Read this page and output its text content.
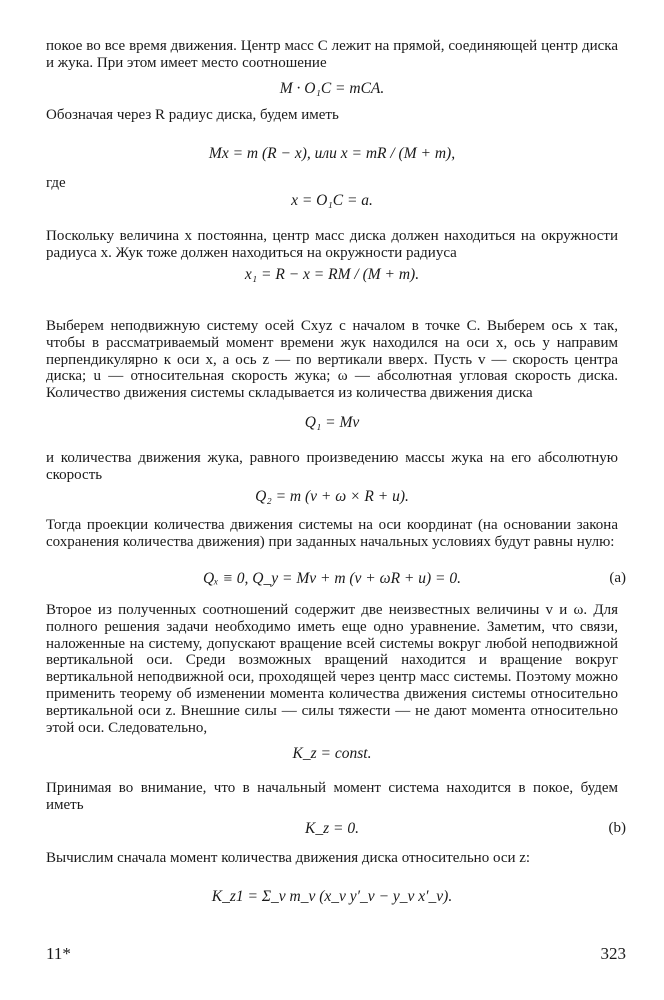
покое во все время движения. Центр масс C лежит на прямой, соединяющей центр диска и жука. При этом имеет место соотношение

M · O₁C = mCA.

Обозначая через R радиус диска, будем иметь

Mx = m (R − x), или x = mR / (M + m),

где

x = O₁C = a.

Поскольку величина x постоянна, центр масс диска должен находиться на окружности радиуса x. Жук тоже должен находиться на окружности радиуса

x₁ = R − x = RM / (M + m).

Выберем неподвижную систему осей Cxyz с началом в точке C. Выберем ось x так, чтобы в рассматриваемый момент времени жук находился на оси x, ось y направим перпендикулярно к оси x, а ось z — по вертикали вверх. Пусть v — скорость центра диска; u — относительная скорость жука; ω — абсолютная угловая скорость диска. Количество движения системы складывается из количества движения диска

Q₁ = Mv

и количества движения жука, равного произведению массы жука на его абсолютную скорость

Q₂ = m (v + ω × R + u).

Тогда проекции количества движения системы на оси координат (на основании закона сохранения количества движения) при заданных начальных условиях будут равны нулю:

Qₓ ≡ 0, Q_y = Mv + m (v + ωR + u) = 0.	(a)

Второе из полученных соотношений содержит две неизвестных величины v и ω. Для полного решения задачи необходимо иметь еще одно уравнение. Заметим, что связи, наложенные на систему, допускают вращение всей системы вокруг любой неподвижной вертикальной оси. Среди возможных вращений находится и вращение вокруг вертикальной неподвижной оси, проходящей через центр масс системы. Поэтому можно применить теорему об изменении момента количества движения системы относительно вертикальной оси z. Внешние силы — силы тяжести — не дают момента относительно этой оси. Следовательно,

K_z = const.

Принимая во внимание, что в начальный момент система находится в покое, будем иметь

K_z = 0.	(b)

Вычислим сначала момент количества движения диска относительно оси z:

K_z1 = Σ_ν m_ν (x_ν y′_ν − y_ν x′_ν).

11*	323
